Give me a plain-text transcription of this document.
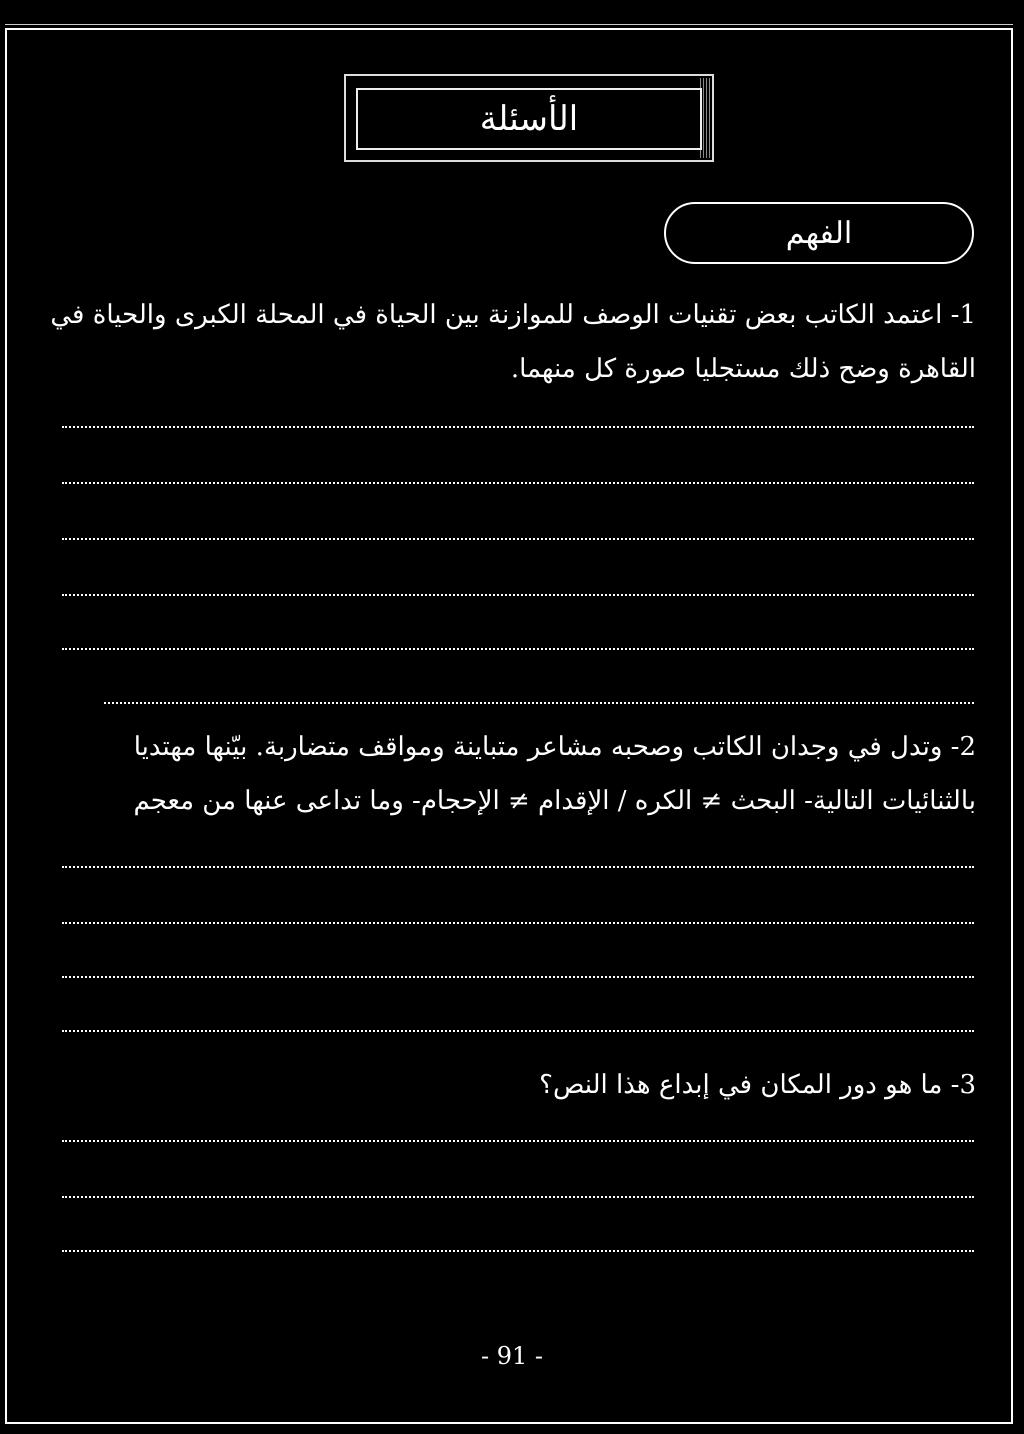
الأسئلة
الفهم
1- اعتمد الكاتب بعض تقنيات الوصف للموازنة بين الحياة في المحلة الكبرى والحياة في
القاهرة وضح ذلك مستجليا صورة كل منهما.
2- وتدل في وجدان الكاتب وصحبه مشاعر متباينة ومواقف متضاربة. بيّنها مهتديا
بالثنائيات التالية- البحث ≠ الكره / الإقدام ≠ الإحجام- وما تداعى عنها من معجم
3- ما هو دور المكان في إبداع هذا النص؟
- 91 -
